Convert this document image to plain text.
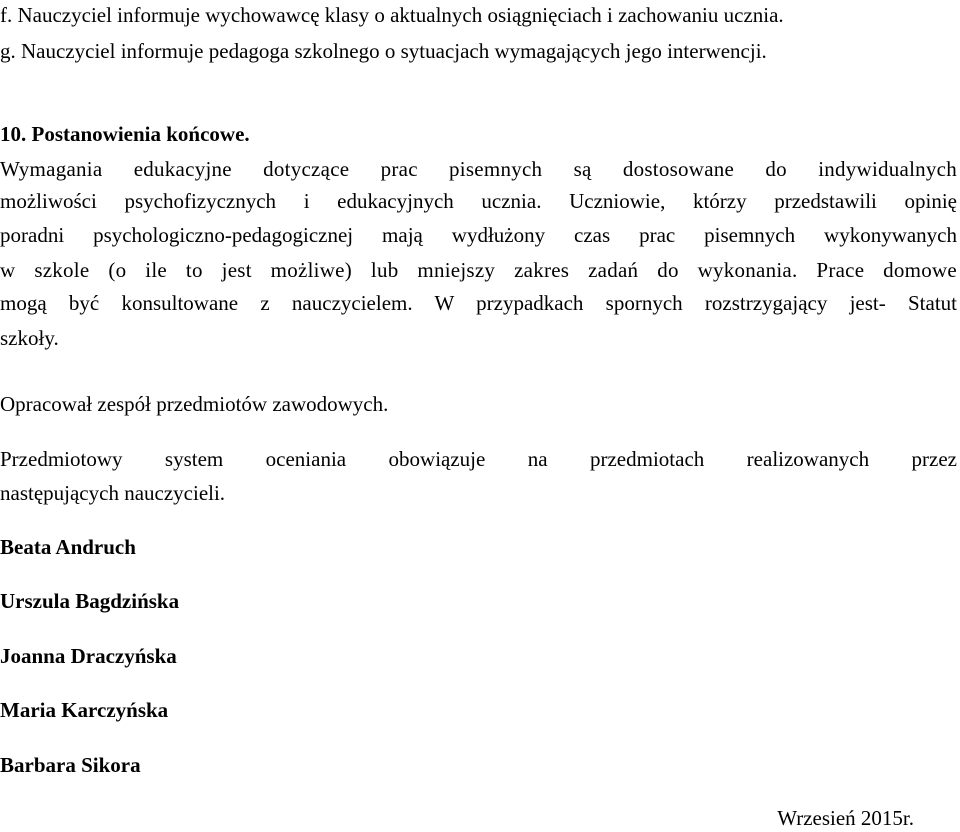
f. Nauczyciel informuje wychowawcę klasy o aktualnych osiągnięciach i zachowaniu ucznia.
g. Nauczyciel informuje pedagoga szkolnego o sytuacjach wymagających jego interwencji.
10. Postanowienia końcowe.
Wymagania edukacyjne dotyczące prac pisemnych są dostosowane do indywidualnych
możliwości psychofizycznych i edukacyjnych ucznia. Uczniowie, którzy przedstawili opinię
poradni psychologiczno-pedagogicznej mają wydłużony czas prac pisemnych wykonywanych
w szkole (o ile to jest możliwe) lub mniejszy zakres zadań do wykonania. Prace domowe
mogą być konsultowane z nauczycielem. W przypadkach spornych rozstrzygający jest- Statut
szkoły.
Opracował zespół przedmiotów zawodowych.
Przedmiotowy system oceniania obowiązuje na przedmiotach realizowanych przez
następujących nauczycieli.
Beata Andruch
Urszula Bagdzińska
Joanna Draczyńska
Maria Karczyńska
Barbara Sikora
Wrzesień 2015r.
